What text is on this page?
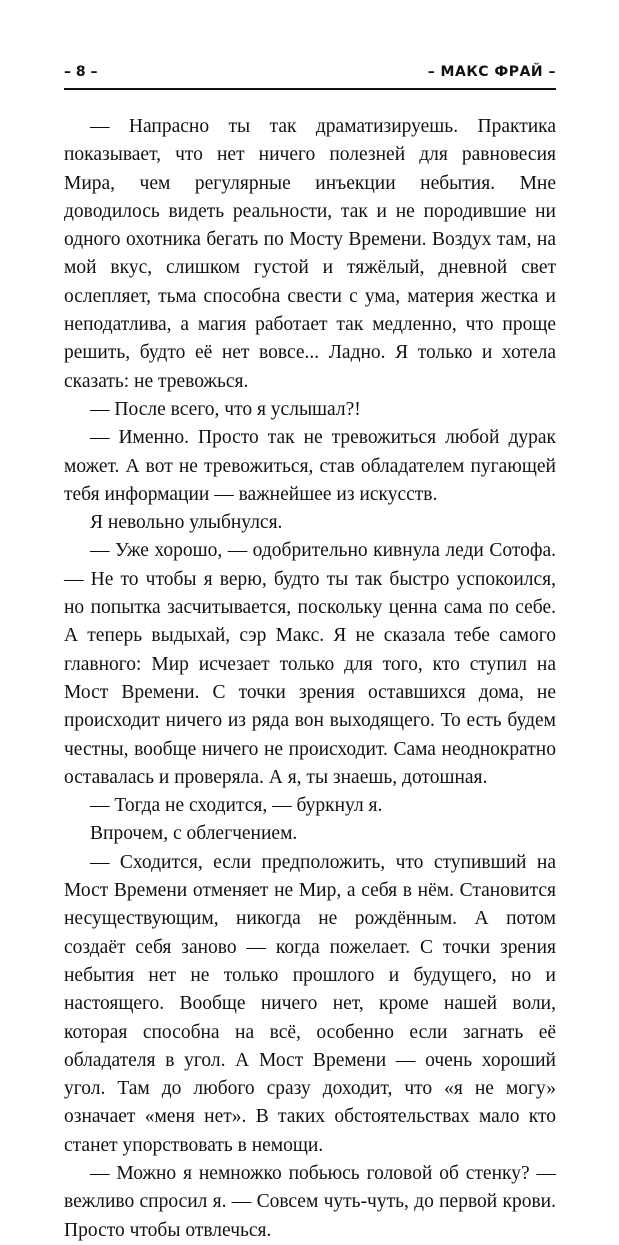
– 8 –	– МАКС ФРАЙ –

— Напрасно ты так драматизируешь. Практика показывает, что нет ничего полезней для равновесия Мира, чем регулярные инъекции небытия. Мне доводилось видеть реальности, так и не породившие ни одного охотника бегать по Мосту Времени. Воздух там, на мой вкус, слишком густой и тяжёлый, дневной свет ослепляет, тьма способна свести с ума, материя жестка и неподатлива, а магия работает так медленно, что проще решить, будто её нет вовсе... Ладно. Я только и хотела сказать: не тревожься.

— После всего, что я услышал?!

— Именно. Просто так не тревожиться любой дурак может. А вот не тревожиться, став обладателем пугающей тебя информации — важнейшее из искусств.

Я невольно улыбнулся.

— Уже хорошо, — одобрительно кивнула леди Сотофа. — Не то чтобы я верю, будто ты так быстро успокоился, но попытка засчитывается, поскольку ценна сама по себе. А теперь выдыхай, сэр Макс. Я не сказала тебе самого главного: Мир исчезает только для того, кто ступил на Мост Времени. С точки зрения оставшихся дома, не происходит ничего из ряда вон выходящего. То есть будем честны, вообще ничего не происходит. Сама неоднократно оставалась и проверяла. А я, ты знаешь, дотошная.

— Тогда не сходится, — буркнул я.

Впрочем, с облегчением.

— Сходится, если предположить, что ступивший на Мост Времени отменяет не Мир, а себя в нём. Становится несуществующим, никогда не рождённым. А потом создаёт себя заново — когда пожелает. С точки зрения небытия нет не только прошлого и будущего, но и настоящего. Вообще ничего нет, кроме нашей воли, которая способна на всё, особенно если загнать её обладателя в угол. А Мост Времени — очень хороший угол. Там до любого сразу доходит, что «я не могу» означает «меня нет». В таких обстоятельствах мало кто станет упорствовать в немощи.

— Можно я немножко побьюсь головой об стенку? — вежливо спросил я. — Совсем чуть-чуть, до первой крови. Просто чтобы отвлечься.
